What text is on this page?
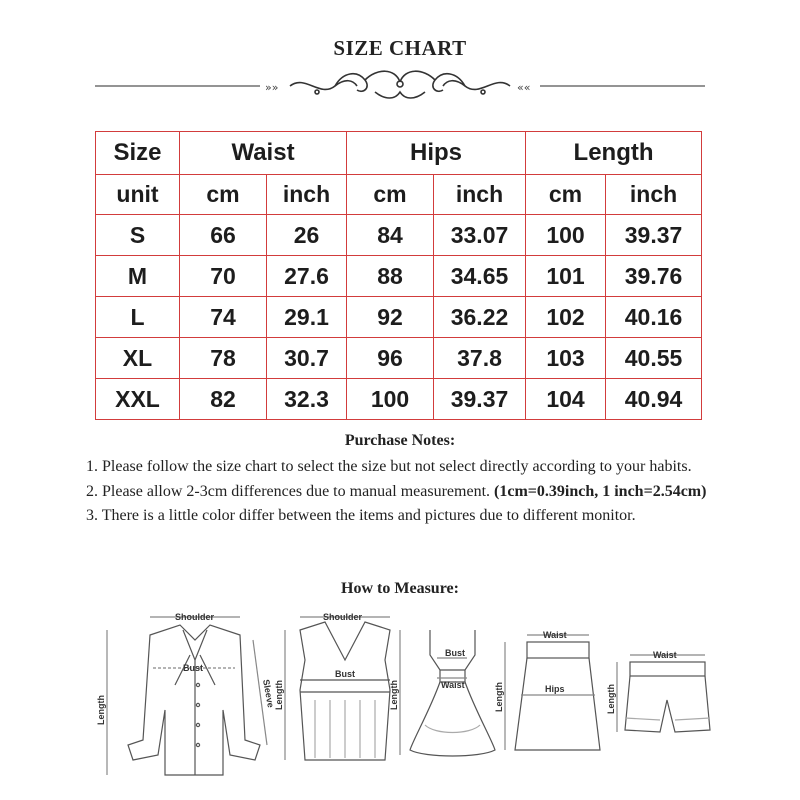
SIZE CHART
»»	««
Size	Waist		Hips		Length	
unit	cm	inch	cm	inch	cm	inch
S	66	26	84	33.07	100	39.37
M	70	27.6	88	34.65	101	39.76
L	74	29.1	92	36.22	102	40.16
XL	78	30.7	96	37.8	103	40.55
XXL	82	32.3	100	39.37	104	40.94
Purchase Notes:

1. Please follow the size chart to select the size but not select directly according to your habits.

2. Please allow 2-3cm differences due to manual measurement. (1cm=0.39inch, 1 inch=2.54cm)

3. There is a little color differ between the items and pictures due to different monitor.

How to Measure:
Shoulder
Bust
Length
Sleeve
Shoulder
Bust
Length
Bust
Waist
Length
Waist
Hips
Length
Waist
Length
